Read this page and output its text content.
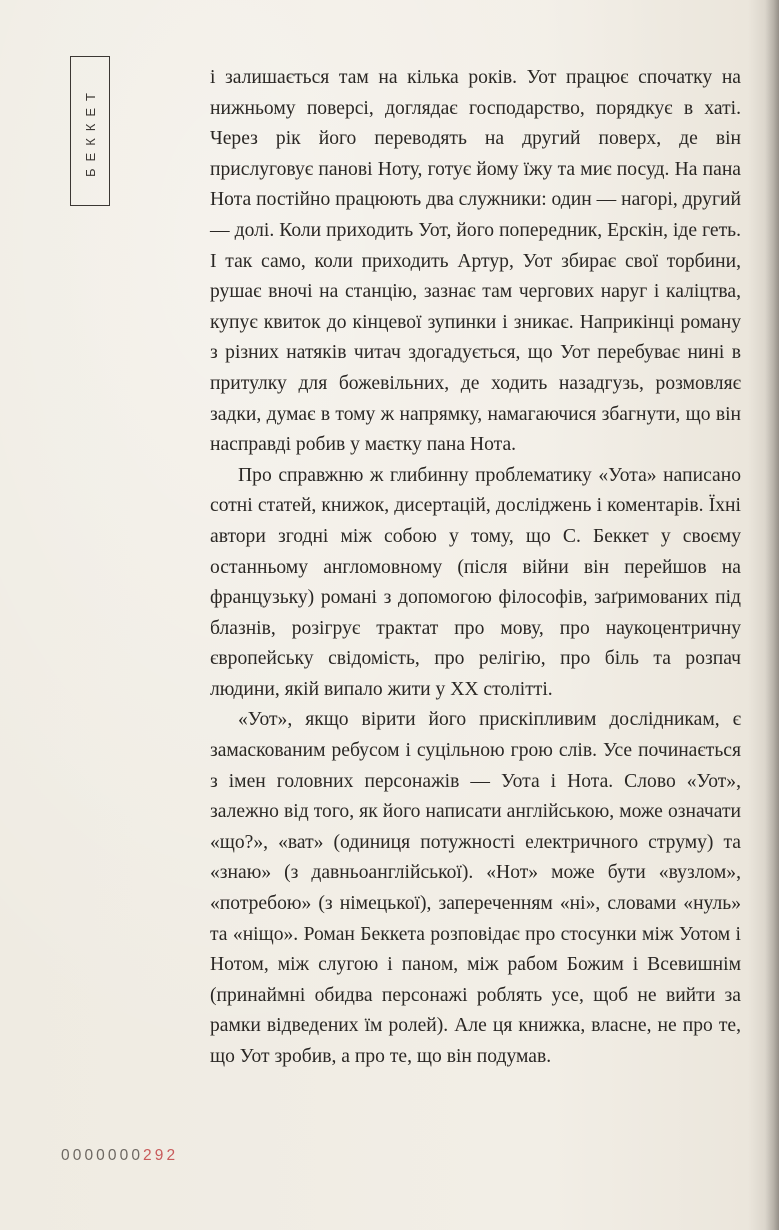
БЕККЕТ

і залишається там на кілька років. Уот працює спочатку на нижньому поверсі, доглядає господарство, порядкує в хаті. Через рік його переводять на другий поверх, де він прислуговує панові Ноту, готує йому їжу та миє посуд. На пана Нота постійно працюють два служники: один — нагорі, другий — долі. Коли приходить Уот, його попередник, Ерскін, іде геть. І так само, коли приходить Артур, Уот збирає свої торбини, рушає вночі на станцію, зазнає там чергових наруг і каліцтва, купує квиток до кінцевої зупинки і зникає. Наприкінці роману з різних натяків читач здогадується, що Уот перебуває нині в притулку для божевільних, де ходить назадгузь, розмовляє задки, думає в тому ж напрямку, намагаючися збагнути, що він насправді робив у маєтку пана Нота.

Про справжню ж глибинну проблематику «Уота» написано сотні статей, книжок, дисертацій, досліджень і коментарів. Їхні автори згодні між собою у тому, що С. Беккет у своєму останньому англомовному (після війни він перейшов на французьку) романі з допомогою філософів, заґримованих під блазнів, розігрує трактат про мову, про наукоцентричну європейську свідомість, про релігію, про біль та розпач людини, якій випало жити у XX столітті.

«Уот», якщо вірити його прискіпливим дослідникам, є замаскованим ребусом і суцільною грою слів. Усе починається з імен головних персонажів — Уота і Нота. Слово «Уот», залежно від того, як його написати англійською, може означати «що?», «ват» (одиниця потужності електричного струму) та «знаю» (з давньоанглійської). «Нот» може бути «вузлом», «потребою» (з німецької), запереченням «ні», словами «нуль» та «ніщо». Роман Беккета розповідає про стосунки між Уотом і Нотом, між слугою і паном, між рабом Божим і Всевишнім (принаймні обидва персонажі роблять усе, щоб не вийти за рамки відведених їм ролей). Але ця книжка, власне, не про те, що Уот зробив, а про те, що він подумав.

0000000292
